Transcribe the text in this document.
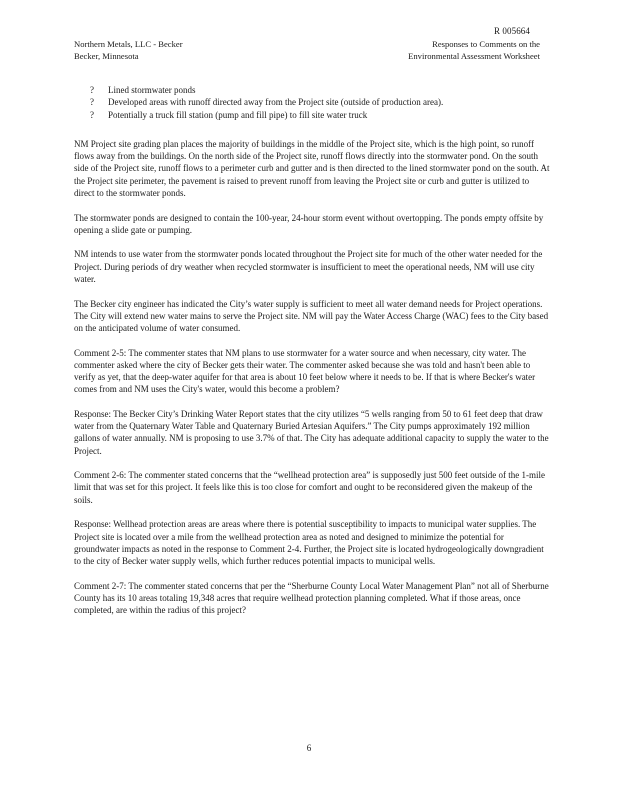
R 005664
Northern Metals, LLC - Becker
Becker, Minnesota
Responses to Comments on the
Environmental Assessment Worksheet
? Lined stormwater ponds
? Developed areas with runoff directed away from the Project site (outside of production area).
? Potentially a truck fill station (pump and fill pipe) to fill site water truck

NM Project site grading plan places the majority of buildings in the middle of the Project site, which is the high point, so runoff flows away from the buildings. On the north side of the Project site, runoff flows directly into the stormwater pond. On the south side of the Project site, runoff flows to a perimeter curb and gutter and is then directed to the lined stormwater pond on the south. At the Project site perimeter, the pavement is raised to prevent runoff from leaving the Project site or curb and gutter is utilized to direct to the stormwater ponds.

The stormwater ponds are designed to contain the 100-year, 24-hour storm event without overtopping. The ponds empty offsite by opening a slide gate or pumping.

NM intends to use water from the stormwater ponds located throughout the Project site for much of the other water needed for the Project. During periods of dry weather when recycled stormwater is insufficient to meet the operational needs, NM will use city water.

The Becker city engineer has indicated the City’s water supply is sufficient to meet all water demand needs for Project operations. The City will extend new water mains to serve the Project site. NM will pay the Water Access Charge (WAC) fees to the City based on the anticipated volume of water consumed.

Comment 2-5: The commenter states that NM plans to use stormwater for a water source and when necessary, city water. The commenter asked where the city of Becker gets their water. The commenter asked because she was told and hasn't been able to verify as yet, that the deep-water aquifer for that area is about 10 feet below where it needs to be. If that is where Becker's water comes from and NM uses the City's water, would this become a problem?

Response: The Becker City’s Drinking Water Report states that the city utilizes “5 wells ranging from 50 to 61 feet deep that draw water from the Quaternary Water Table and Quaternary Buried Artesian Aquifers.” The City pumps approximately 192 million gallons of water annually. NM is proposing to use 3.7% of that. The City has adequate additional capacity to supply the water to the Project.

Comment 2-6: The commenter stated concerns that the “wellhead protection area” is supposedly just 500 feet outside of the 1-mile limit that was set for this project. It feels like this is too close for comfort and ought to be reconsidered given the makeup of the soils.

Response: Wellhead protection areas are areas where there is potential susceptibility to impacts to municipal water supplies. The Project site is located over a mile from the wellhead protection area as noted and designed to minimize the potential for groundwater impacts as noted in the response to Comment 2-4. Further, the Project site is located hydrogeologically downgradient to the city of Becker water supply wells, which further reduces potential impacts to municipal wells.

Comment 2-7: The commenter stated concerns that per the “Sherburne County Local Water Management Plan” not all of Sherburne County has its 10 areas totaling 19,348 acres that require wellhead protection planning completed. What if those areas, once completed, are within the radius of this project?

6
